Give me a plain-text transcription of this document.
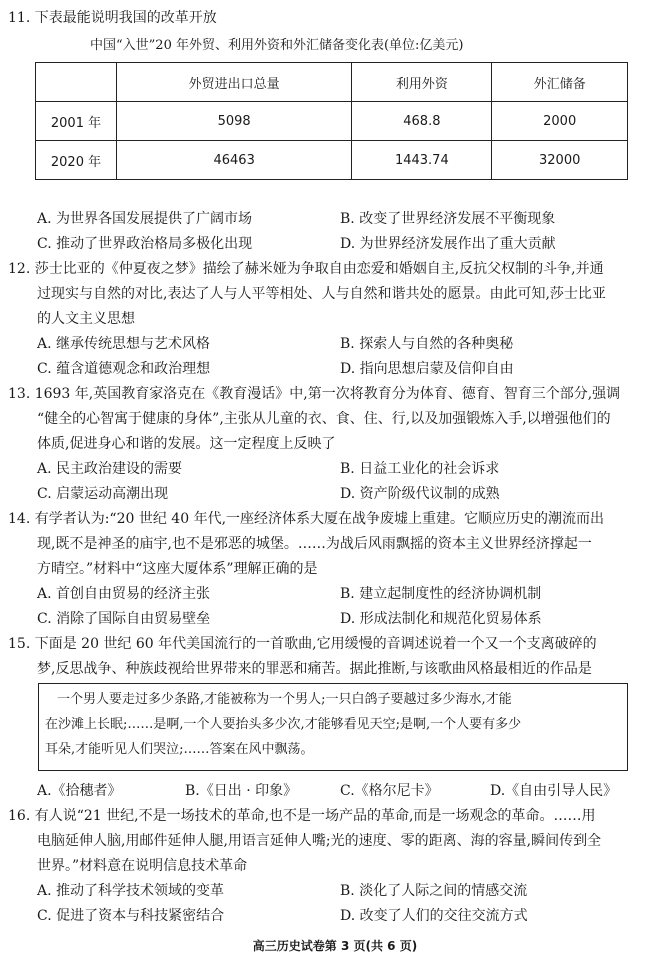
11. 下表最能说明我国的改革开放
中国“入世”20 年外贸、利用外资和外汇储备变化表(单位:亿美元)
	外贸进出口总量	利用外资	外汇储备
2001 年	5098	468.8	2000
2020 年	46463	1443.74	32000
A. 为世界各国发展提供了广阔市场	B. 改变了世界经济发展不平衡现象
C. 推动了世界政治格局多极化出现	D. 为世界经济发展作出了重大贡献
12. 莎士比亚的《仲夏夜之梦》描绘了赫米娅为争取自由恋爱和婚姻自主,反抗父权制的斗争,并通
过现实与自然的对比,表达了人与人平等相处、人与自然和谐共处的愿景。由此可知,莎士比亚
的人文主义思想
A. 继承传统思想与艺术风格	B. 探索人与自然的各种奥秘
C. 蕴含道德观念和政治理想	D. 指向思想启蒙及信仰自由
13. 1693 年,英国教育家洛克在《教育漫话》中,第一次将教育分为体育、德育、智育三个部分,强调
“健全的心智寓于健康的身体”,主张从儿童的衣、食、住、行,以及加强锻炼入手,以增强他们的
体质,促进身心和谐的发展。这一定程度上反映了
A. 民主政治建设的需要	B. 日益工业化的社会诉求
C. 启蒙运动高潮出现	D. 资产阶级代议制的成熟
14. 有学者认为:“20 世纪 40 年代,一座经济体系大厦在战争废墟上重建。它顺应历史的潮流而出
现,既不是神圣的庙宇,也不是邪恶的城堡。……为战后风雨飘摇的资本主义世界经济撑起一
方晴空。”材料中“这座大厦体系”理解正确的是
A. 首创自由贸易的经济主张	B. 建立起制度性的经济协调机制
C. 消除了国际自由贸易壁垒	D. 形成法制化和规范化贸易体系
15. 下面是 20 世纪 60 年代美国流行的一首歌曲,它用缓慢的音调述说着一个又一个支离破碎的
梦,反思战争、种族歧视给世界带来的罪恶和痛苦。据此推断,与该歌曲风格最相近的作品是
一个男人要走过多少条路,才能被称为一个男人;一只白鸽子要越过多少海水,才能
在沙滩上长眠;……是啊,一个人要抬头多少次,才能够看见天空;是啊,一个人要有多少
耳朵,才能听见人们哭泣;……答案在风中飘荡。
A.《拾穗者》	B.《日出 · 印象》	C.《格尔尼卡》	D.《自由引导人民》
16. 有人说“21 世纪,不是一场技术的革命,也不是一场产品的革命,而是一场观念的革命。……用
电脑延伸人脑,用邮件延伸人腿,用语言延伸人嘴;光的速度、零的距离、海的容量,瞬间传到全
世界。”材料意在说明信息技术革命
A. 推动了科学技术领域的变革	B. 淡化了人际之间的情感交流
C. 促进了资本与科技紧密结合	D. 改变了人们的交往交流方式
高三历史试卷第 3 页(共 6 页)
